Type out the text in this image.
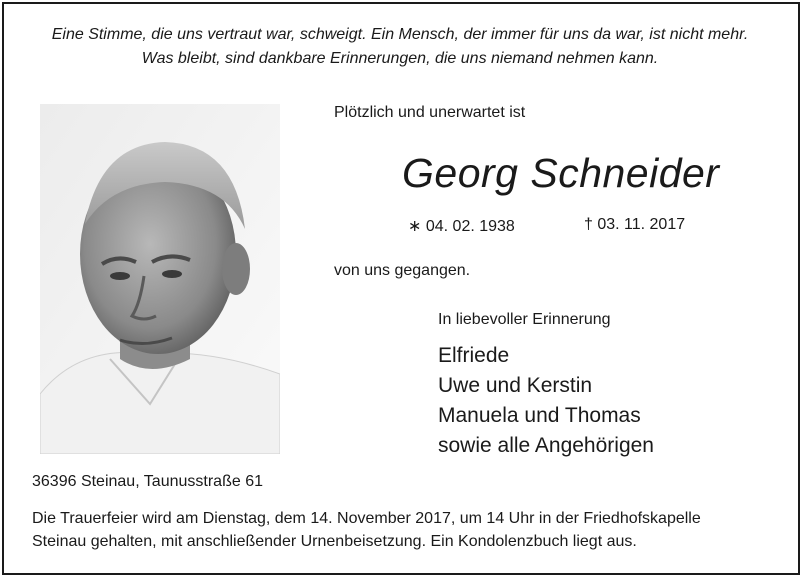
Eine Stimme, die uns vertraut war, schweigt. Ein Mensch, der immer für uns da war, ist nicht mehr.
Was bleibt, sind dankbare Erinnerungen, die uns niemand nehmen kann.
Plötzlich und unerwartet ist
Georg Schneider
∗ 04. 02. 1938	† 03. 11. 2017
von uns gegangen.
In liebevoller Erinnerung
Elfriede
Uwe und Kerstin
Manuela und Thomas
sowie alle Angehörigen
36396 Steinau, Taunusstraße 61
Die Trauerfeier wird am Dienstag, dem 14. November 2017, um 14 Uhr in der Friedhofskapelle
Steinau gehalten, mit anschließender Urnenbeisetzung. Ein Kondolenzbuch liegt aus.
